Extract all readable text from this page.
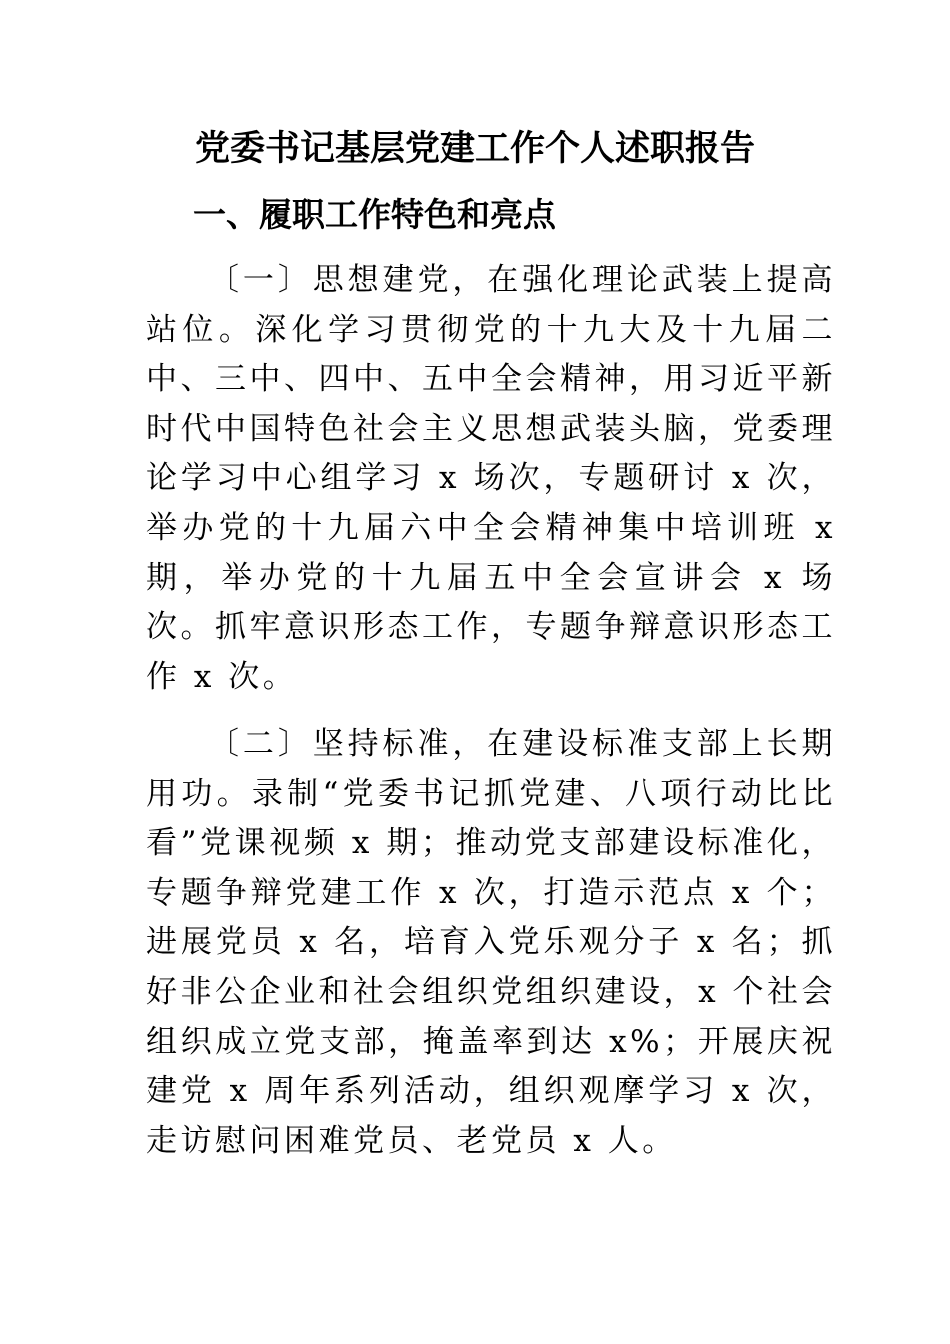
党委书记基层党建工作个人述职报告
一、履职工作特色和亮点

〔一〕思想建党，在强化理论武装上提高站位。深化学习贯彻党的十九大及十九届二中、三中、四中、五中全会精神，用习近平新时代中国特色社会主义思想武装头脑，党委理论学习中心组学习 x 场次，专题研讨 x 次，举办党的十九届六中全会精神集中培训班 x 期，举办党的十九届五中全会宣讲会 x 场次。抓牢意识形态工作，专题争辩意识形态工作 x 次。

〔二〕坚持标准，在建设标准支部上长期用功。录制“党委书记抓党建、八项行动比比看”党课视频 x 期；推动党支部建设标准化，专题争辩党建工作 x 次，打造示范点 x 个；进展党员 x 名，培育入党乐观分子 x 名；抓好非公企业和社会组织党组织建设，x 个社会组织成立党支部，掩盖率到达 x%；开展庆祝建党 x 周年系列活动，组织观摩学习 x 次，走访慰问困难党员、老党员 x 人。
